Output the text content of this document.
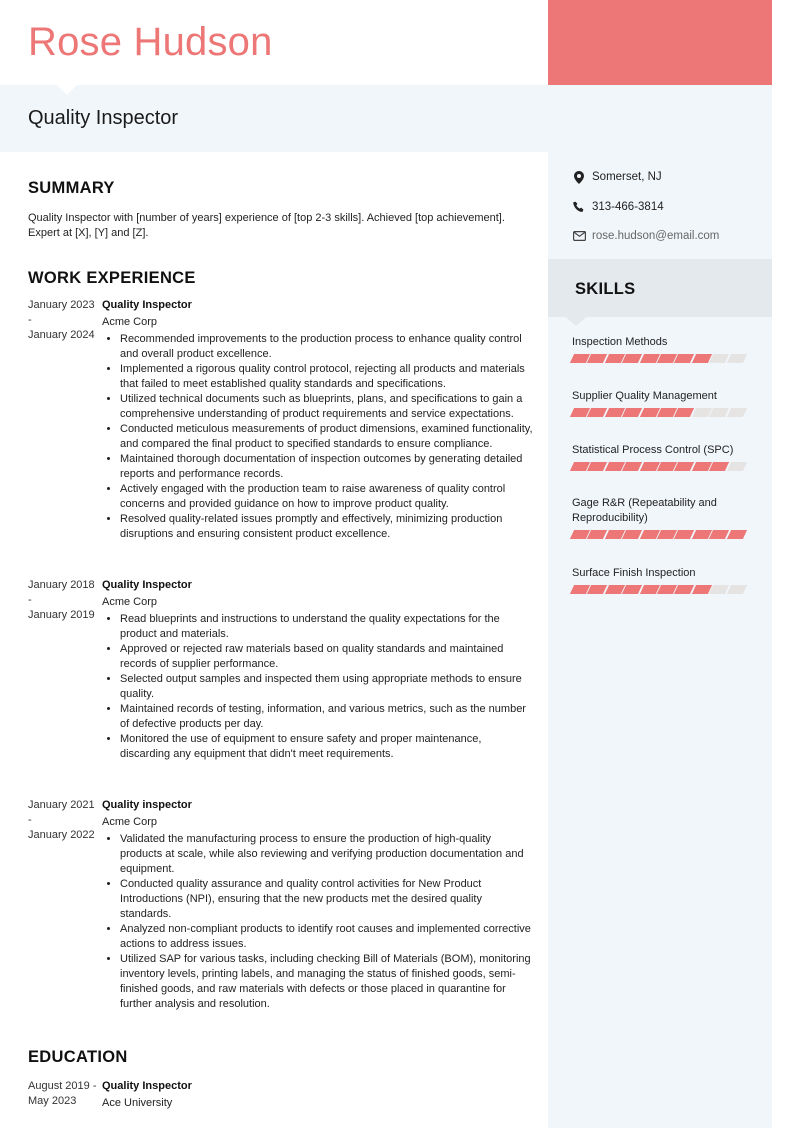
Rose Hudson
Quality Inspector
SUMMARY
Quality Inspector with [number of years] experience of [top 2-3 skills]. Achieved [top achievement]. Expert at [X], [Y] and [Z].
WORK EXPERIENCE
January 2023
-
January 2024
Quality Inspector
Acme Corp
• Recommended improvements to the production process to enhance quality control and overall product excellence.
• Implemented a rigorous quality control protocol, rejecting all products and materials that failed to meet established quality standards and specifications.
• Utilized technical documents such as blueprints, plans, and specifications to gain a comprehensive understanding of product requirements and service expectations.
• Conducted meticulous measurements of product dimensions, examined functionality, and compared the final product to specified standards to ensure compliance.
• Maintained thorough documentation of inspection outcomes by generating detailed reports and performance records.
• Actively engaged with the production team to raise awareness of quality control concerns and provided guidance on how to improve product quality.
• Resolved quality-related issues promptly and effectively, minimizing production disruptions and ensuring consistent product excellence.
January 2018
-
January 2019
Quality Inspector
Acme Corp
• Read blueprints and instructions to understand the quality expectations for the product and materials.
• Approved or rejected raw materials based on quality standards and maintained records of supplier performance.
• Selected output samples and inspected them using appropriate methods to ensure quality.
• Maintained records of testing, information, and various metrics, such as the number of defective products per day.
• Monitored the use of equipment to ensure safety and proper maintenance, discarding any equipment that didn't meet requirements.
January 2021
-
January 2022
Quality inspector
Acme Corp
• Validated the manufacturing process to ensure the production of high-quality products at scale, while also reviewing and verifying production documentation and equipment.
• Conducted quality assurance and quality control activities for New Product Introductions (NPI), ensuring that the new products met the desired quality standards.
• Analyzed non-compliant products to identify root causes and implemented corrective actions to address issues.
• Utilized SAP for various tasks, including checking Bill of Materials (BOM), monitoring inventory levels, printing labels, and managing the status of finished goods, semi-finished goods, and raw materials with defects or those placed in quarantine for further analysis and resolution.
EDUCATION
August 2019 - May 2023
Quality Inspector
Ace University
Somerset, NJ
313-466-3814
rose.hudson@email.com
SKILLS
Inspection Methods
Supplier Quality Management
Statistical Process Control (SPC)
Gage R&R (Repeatability and Reproducibility)
Surface Finish Inspection
